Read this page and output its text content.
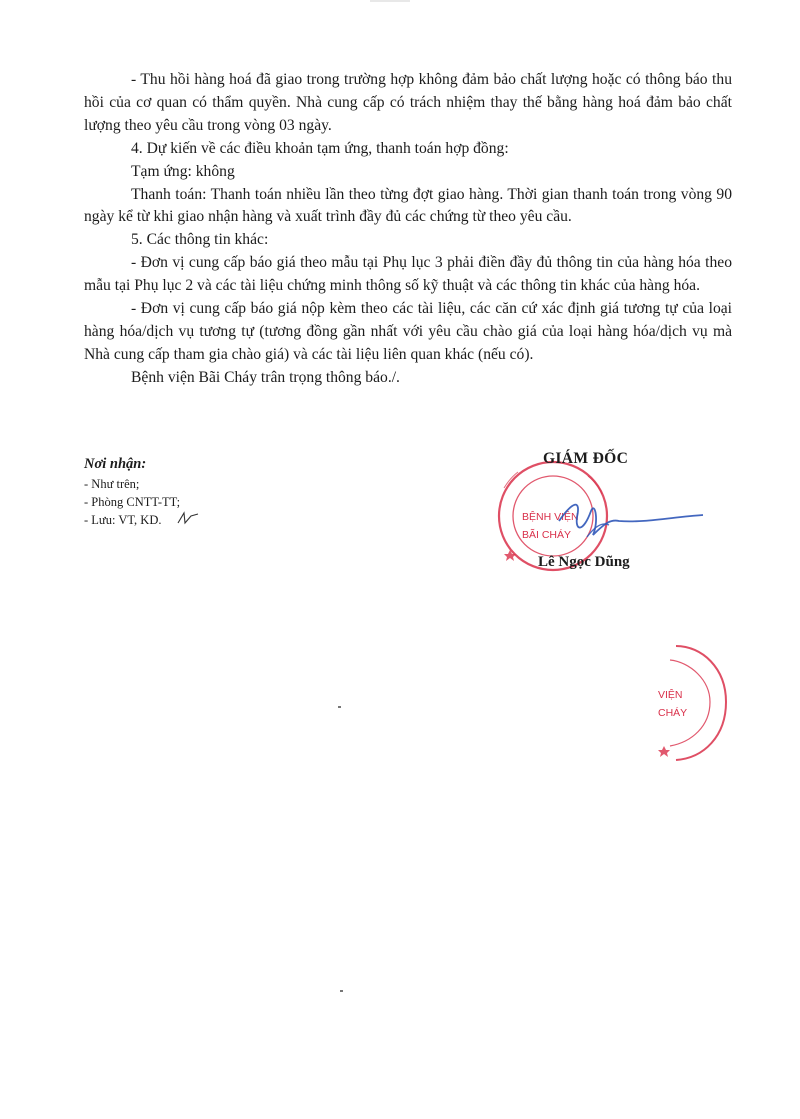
- Thu hồi hàng hoá đã giao trong trường hợp không đảm bảo chất lượng hoặc có thông báo thu hồi của cơ quan có thẩm quyền. Nhà cung cấp có trách nhiệm thay thế bằng hàng hoá đảm bảo chất lượng theo yêu cầu trong vòng 03 ngày.

4. Dự kiến về các điều khoản tạm ứng, thanh toán hợp đồng:

Tạm ứng: không

Thanh toán: Thanh toán nhiều lần theo từng đợt giao hàng. Thời gian thanh toán trong vòng 90 ngày kể từ khi giao nhận hàng và xuất trình đầy đủ các chứng từ theo yêu cầu.

5. Các thông tin khác:

- Đơn vị cung cấp báo giá theo mẫu tại Phụ lục 3 phải điền đầy đủ thông tin của hàng hóa theo mẫu tại Phụ lục 2 và các tài liệu chứng minh thông số kỹ thuật và các thông tin khác của hàng hóa.

- Đơn vị cung cấp báo giá nộp kèm theo các tài liệu, các căn cứ xác định giá tương tự của loại hàng hóa/dịch vụ tương tự (tương đồng gần nhất với yêu cầu chào giá của loại hàng hóa/dịch vụ mà Nhà cung cấp tham gia chào giá) và các tài liệu liên quan khác (nếu có).

Bệnh viện Bãi Cháy trân trọng thông báo./.

Nơi nhận:
- Như trên;
- Phòng CNTT-TT;
- Lưu: VT, KD.	BỆNH VIỆN
BÃI CHÁY
GIÁM ĐỐC
Lê Ngọc Dũng
VIỆN
CHÁY
